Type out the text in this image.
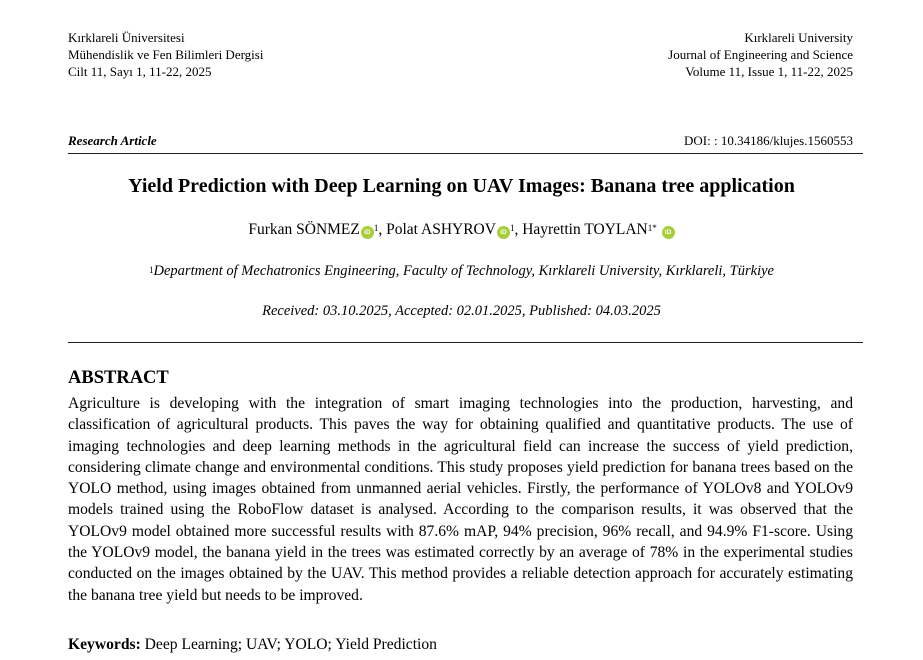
Kırklareli Üniversitesi
Mühendislik ve Fen Bilimleri Dergisi
Cilt 11, Sayı 1, 11-22, 2025
Kırklareli University
Journal of Engineering and Science
Volume 11, Issue 1, 11-22, 2025
Research Article	DOI: : 10.34186/klujes.1560553
Yield Prediction with Deep Learning on UAV Images: Banana tree application
Furkan SÖNMEZ iD $^1$, Polat ASHYROV iD $^1$, Hayrettin $TOYLAN^{1*}$ iD
$^1$Department of Mechatronics Engineering, Faculty of Technology, Kırklareli University, Kırklareli, Türkiye
Received: 03.10.2025, Accepted: 02.01.2025, Published: 04.03.2025
ABSTRACT
Agriculture is developing with the integration of smart imaging technologies into the production, harvesting, and classification of agricultural products. This paves the way for obtaining qualified and quantitative products. The use of imaging technologies and deep learning methods in the agricultural field can increase the success of yield prediction, considering climate change and environmental conditions. This study proposes yield prediction for banana trees based on the YOLO method, using images obtained from unmanned aerial vehicles. Firstly, the performance of YOLOv8 and YOLOv9 models trained using the RoboFlow dataset is analysed. According to the comparison results, it was observed that the YOLOv9 model obtained more successful results with 87.6% mAP, 94% precision, 96% recall, and 94.9% F1-score. Using the YOLOv9 model, the banana yield in the trees was estimated correctly by an average of 78% in the experimental studies conducted on the images obtained by the UAV. This method provides a reliable detection approach for accurately estimating the banana tree yield but needs to be improved.
Keywords: Deep Learning; UAV; YOLO; Yield Prediction
